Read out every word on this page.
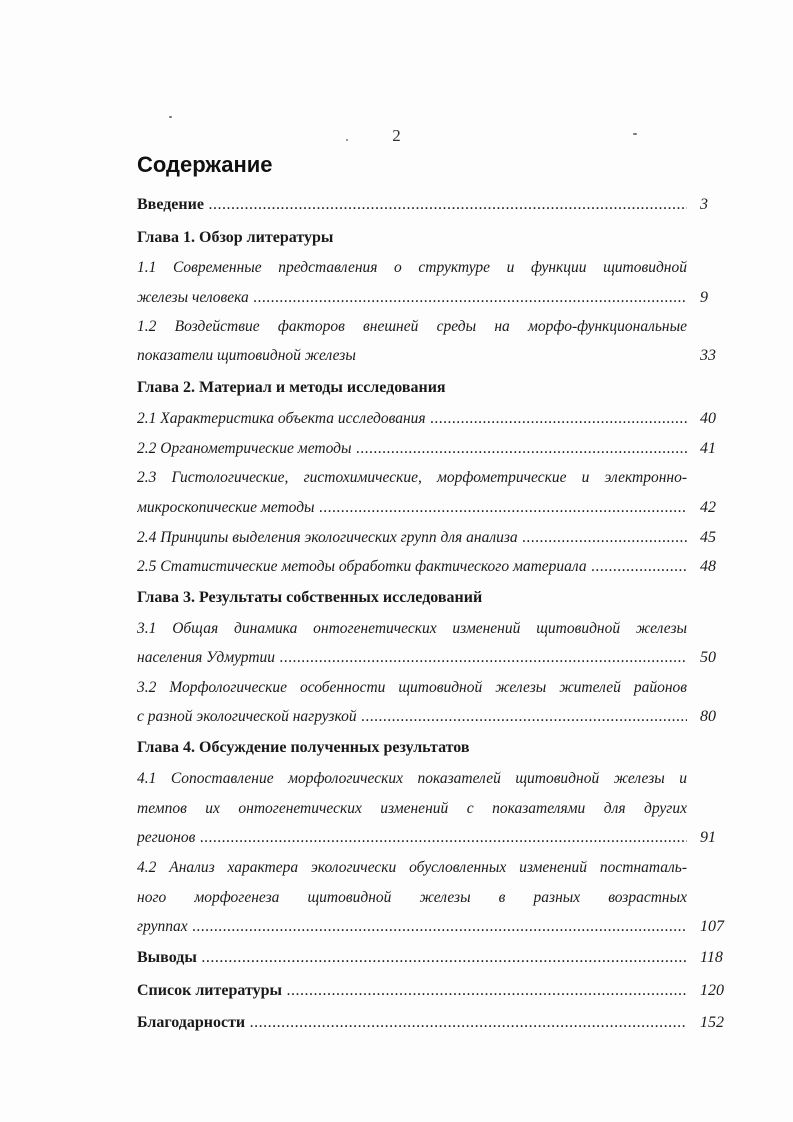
2
Содержание
Введение .....	3
Глава 1. Обзор литературы
1.1 Современные представления о структуре и функции щитовидной
железы человека .....	9
1.2 Воздействие факторов внешней среды на морфо-функциональные
показатели щитовидной железы	33
Глава 2. Материал и методы исследования
2.1 Характеристика объекта исследования .....	40
2.2 Органометрические методы .....	41
2.3 Гистологические, гистохимические, морфометрические и электронно-
микроскопические методы .....	42
2.4 Принципы выделения экологических групп для анализа .....	45
2.5 Статистические методы обработки фактического материала .....	48
Глава 3. Результаты собственных исследований
3.1 Общая динамика онтогенетических изменений щитовидной железы
населения Удмуртии .....	50
3.2 Морфологические особенности щитовидной железы жителей районов
с разной экологической нагрузкой .....	80
Глава 4. Обсуждение полученных результатов
4.1 Сопоставление морфологических показателей щитовидной железы и
темпов их онтогенетических изменений с показателями для других
регионов .....	91
4.2 Анализ характера экологически обусловленных изменений постнаталь-
ного морфогенеза щитовидной железы в разных возрастных
группах .....	107
Выводы .....	118
Список литературы .....	120
Благодарности .....	152
